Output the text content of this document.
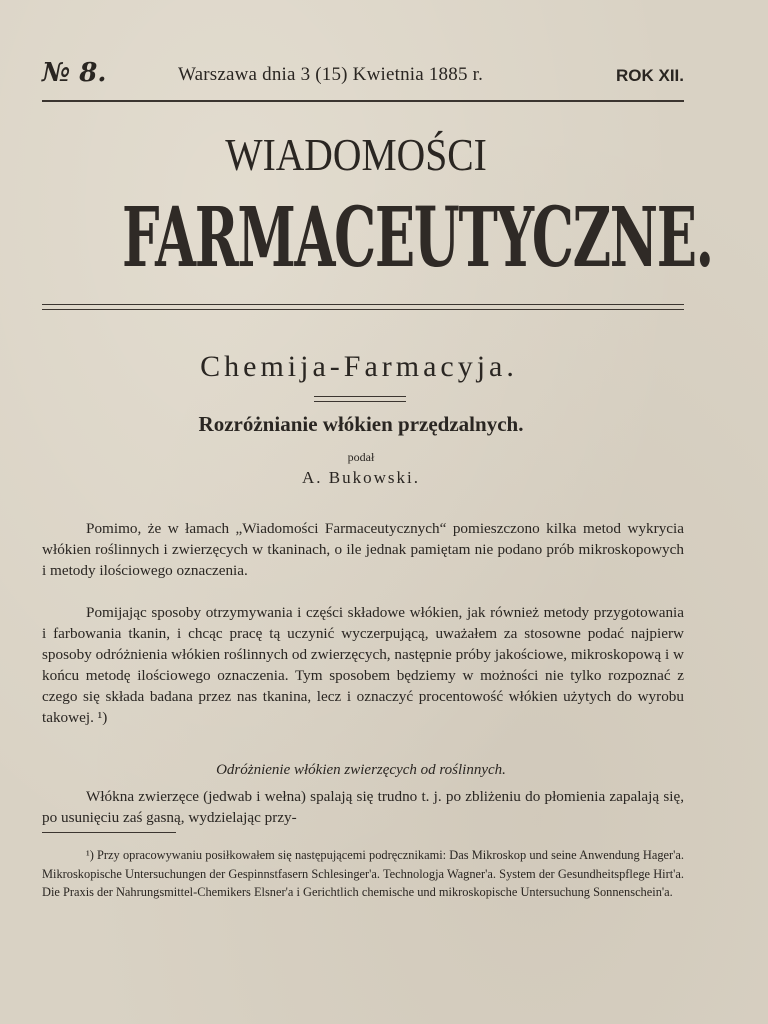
№ 8.	Warszawa dnia 3 (15) Kwietnia 1885 r.	ROK XII.
WIADOMOŚCI
FARMACEUTYCZNE.
Chemija-Farmacyja.
Rozróżnianie włókien przędzalnych.
podał
A. Bukowski.
Pomimo, że w łamach „Wiadomości Farmaceutycznych“ pomieszczono kilka metod wykrycia włókien roślinnych i zwierzęcych w tkaninach, o ile jednak pamiętam nie podano prób mikroskopowych i metody ilościowego oznaczenia.
Pomijając sposoby otrzymywania i części składowe włókien, jak również metody przygotowania i farbowania tkanin, i chcąc pracę tą uczynić wyczerpującą, uważałem za stosowne podać najpierw sposoby odróżnienia włókien roślinnych od zwierzęcych, następnie próby jakościowe, mikroskopową i w końcu metodę ilościowego oznaczenia. Tym sposobem będziemy w możności nie tylko rozpoznać z czego się składa badana przez nas tkanina, lecz i oznaczyć procentowość włókien użytych do wyrobu takowej. ¹)
Odróżnienie włókien zwierzęcych od roślinnych.
Włókna zwierzęce (jedwab i wełna) spalają się trudno t. j. po zbliżeniu do płomienia zapalają się, po usunięciu zaś gasną, wydzielając przy-
¹) Przy opracowywaniu posiłkowałem się następującemi podręcznikami: Das Mikroskop und seine Anwendung Hager'a. Mikroskopische Untersuchungen der Gespinnstfasern Schlesinger'a. Technologja Wagner'a. System der Gesundheitspflege Hirt'a. Die Praxis der Nahrungsmittel-Chemikers Elsner'a i Gerichtlich chemische und mikroskopische Untersuchung Sonnenschein'a.
